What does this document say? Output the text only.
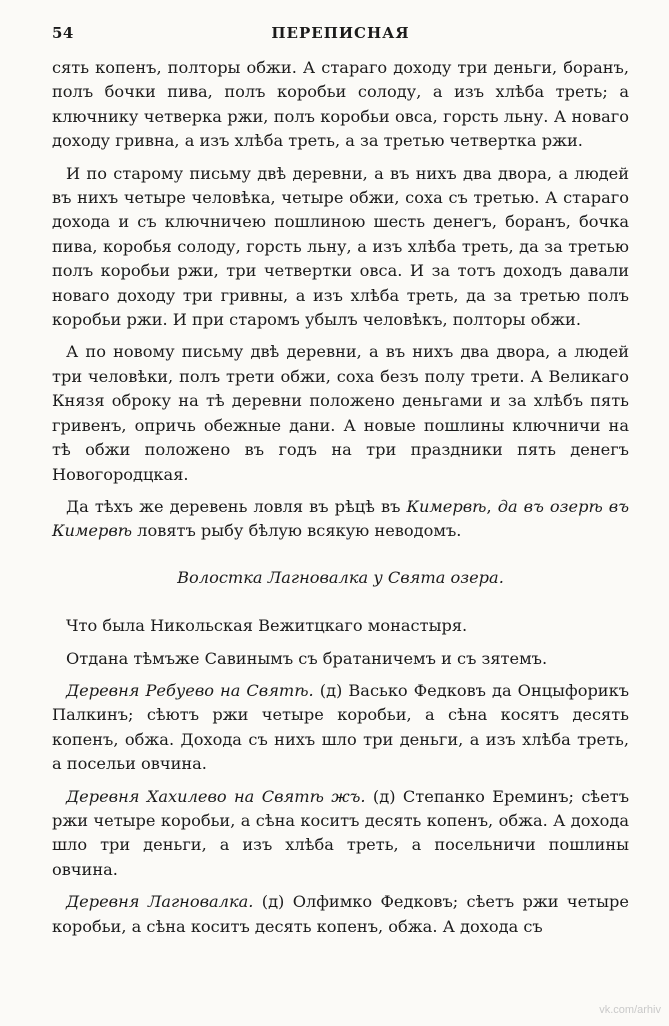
54	ПЕРЕПИСНАЯ

сять копенъ, полторы обжи. А стараго доходу три деньги, боранъ, полъ бочки пива, полъ коробьи солоду, а изъ хлѣба треть; а ключнику четверка ржи, полъ коробьи овса, горсть льну. А новаго доходу гривна, а изъ хлѣба треть, а за третью четвертка ржи.

И по старому письму двѣ деревни, а въ нихъ два двора, а людей въ нихъ четыре человѣка, четыре обжи, соха съ третью. А стараго дохода и съ ключничею пошлиною шесть денегъ, боранъ, бочка пива, коробья солоду, горсть льну, а изъ хлѣба треть, да за третью полъ коробьи ржи, три четвертки овса. И за тотъ доходъ давали новаго доходу три гривны, а изъ хлѣба треть, да за третью полъ коробьи ржи. И при старомъ убылъ человѣкъ, полторы обжи.

А по новому письму двѣ деревни, а въ нихъ два двора, а людей три человѣки, полъ трети обжи, соха безъ полу трети. А Великаго Князя оброку на тѣ деревни положено деньгами и за хлѣбъ пять гривенъ, опричь обежные дани. А новые пошлины ключничи на тѣ обжи положено въ годъ на три праздники пять денегъ Новогородцкая.

Да тѣхъ же деревень ловля въ рѣцѣ въ Кимервѣ, да въ озерѣ въ Кимервѣ ловятъ рыбу бѣлую всякую неводомъ.

Волостка Лагновалка у Свята озера.

Что была Никольская Вежитцкаго монастыря.

Отдана тѣмъже Савинымъ съ братаничемъ и съ зятемъ.

Деревня Ребуево на Святѣ. (д) Васько Федковъ да Онцыфорикъ Палкинъ; сѣютъ ржи четыре коробьи, а сѣна косятъ десять копенъ, обжа. Дохода съ нихъ шло три деньги, а изъ хлѣба треть, а посельи овчина.

Деревня Хахилево на Святѣ жъ. (д) Степанко Ереминъ; сѣетъ ржи четыре коробьи, а сѣна коситъ десять копенъ, обжа. А дохода шло три деньги, а изъ хлѣба треть, а посельничи пошлины овчина.

Деревня Лагновалка. (д) Олфимко Федковъ; сѣетъ ржи четыре коробьи, а сѣна коситъ десять копенъ, обжа. А дохода съ

vk.com/arhiv
